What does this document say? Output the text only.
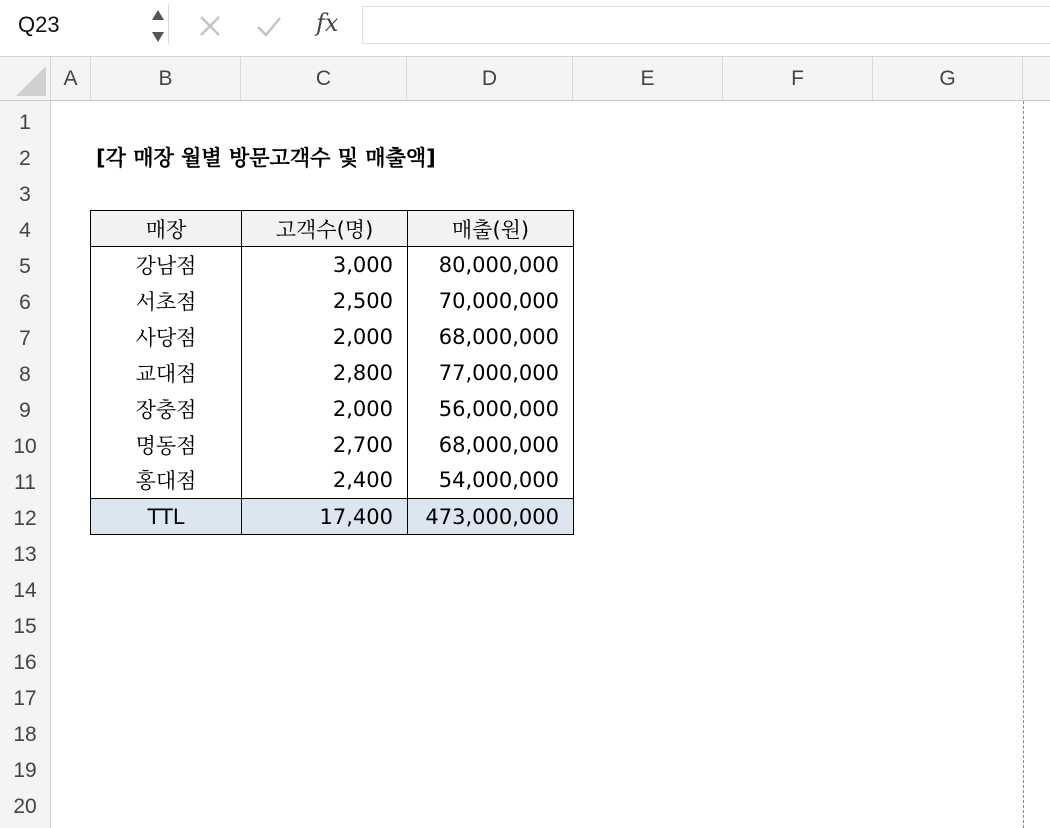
Q23	fx
A	B	C	D	E	F	G
1
2
3
4
5
6
7
8
9
10
11
12
13
14
15
16
17
18
19
20
[각 매장 월별 방문고객수 및 매출액]
매장	고객수(명)	매출(원)
강남점	3,000	80,000,000
서초점	2,500	70,000,000
사당점	2,000	68,000,000
교대점	2,800	77,000,000
장충점	2,000	56,000,000
명동점	2,700	68,000,000
홍대점	2,400	54,000,000
TTL	17,400	473,000,000
